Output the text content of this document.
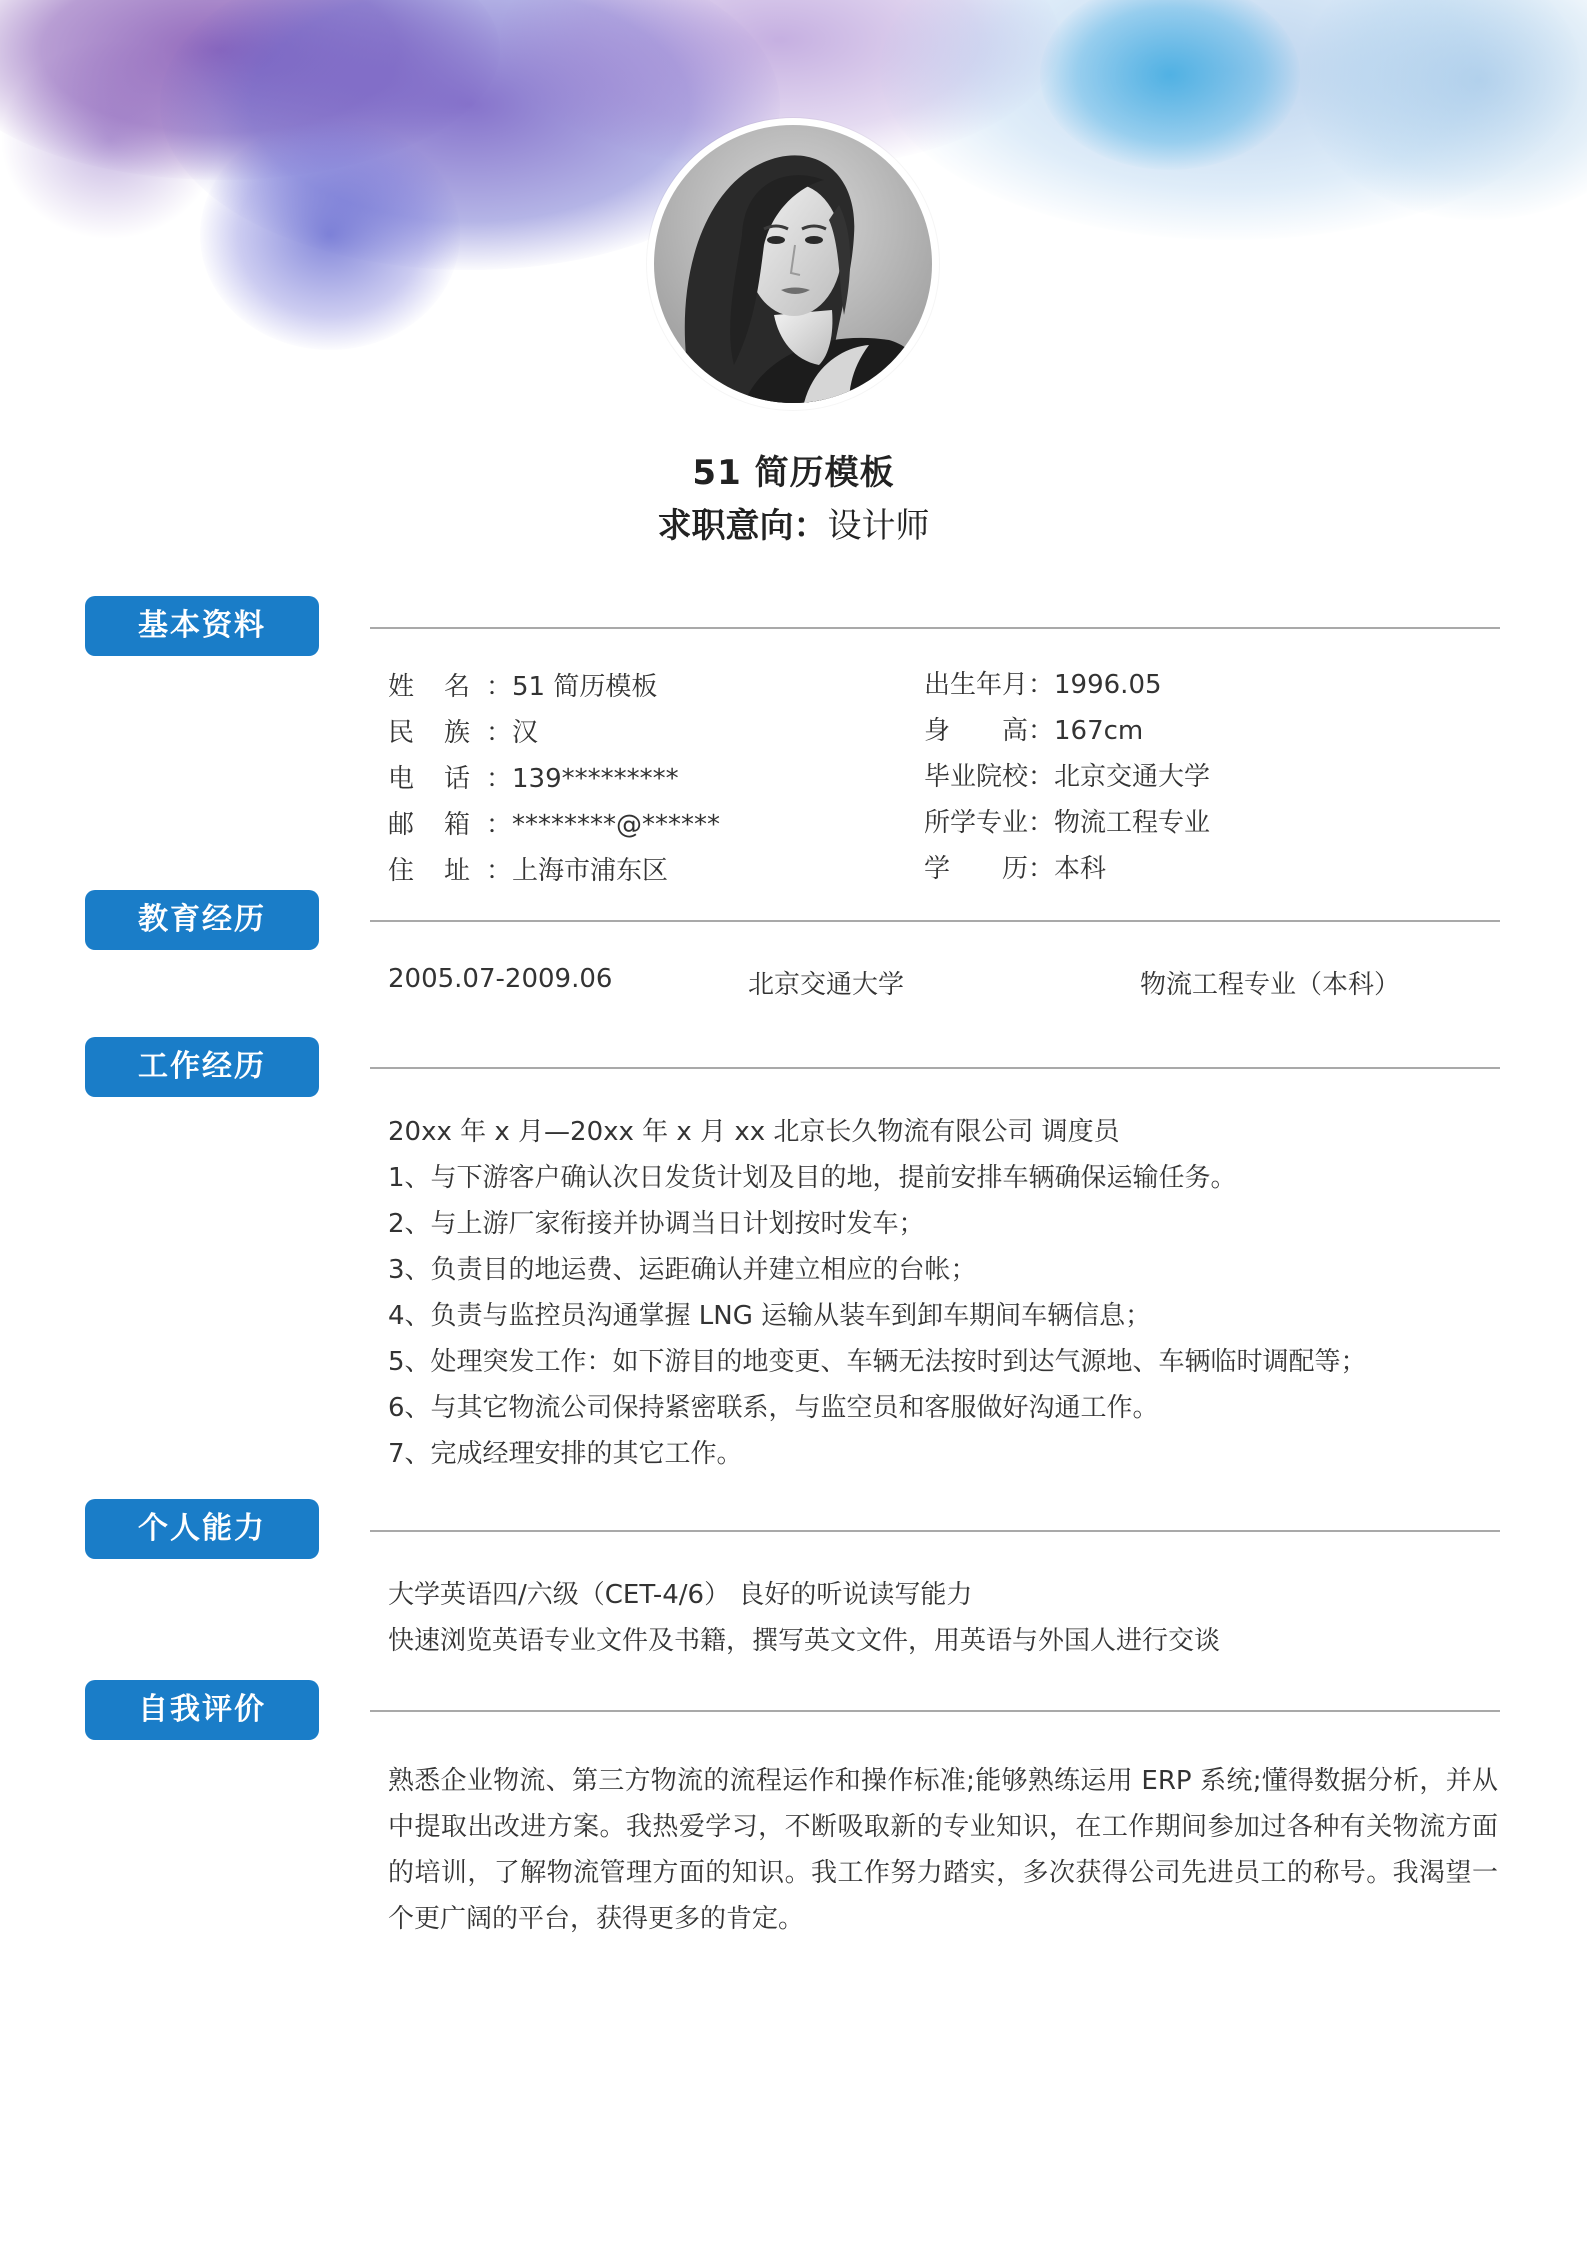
51 简历模板
求职意向：设计师
基本资料
姓 名 ：51 简历模板
民 族 ：汉
电 话 ：139*********
邮 箱 ：********@******
住 址 ：上海市浦东区
出生年月：1996.05
身　　高：167cm
毕业院校：北京交通大学
所学专业：物流工程专业
学　　历：本科
教育经历
2005.07-2009.06	北京交通大学	物流工程专业（本科）
工作经历
20xx 年 x 月—20xx 年 x 月 xx 北京长久物流有限公司 调度员
1、与下游客户确认次日发货计划及目的地，提前安排车辆确保运输任务。
2、与上游厂家衔接并协调当日计划按时发车；
3、负责目的地运费、运距确认并建立相应的台帐；
4、负责与监控员沟通掌握 LNG 运输从装车到卸车期间车辆信息；
5、处理突发工作：如下游目的地变更、车辆无法按时到达气源地、车辆临时调配等；
6、与其它物流公司保持紧密联系，与监空员和客服做好沟通工作。
7、完成经理安排的其它工作。
个人能力
大学英语四/六级（CET-4/6） 良好的听说读写能力
快速浏览英语专业文件及书籍，撰写英文文件，用英语与外国人进行交谈
自我评价
熟悉企业物流、第三方物流的流程运作和操作标准;能够熟练运用 ERP 系统;懂得数据分析，并从中提取出改进方案。我热爱学习，不断吸取新的专业知识，在工作期间参加过各种有关物流方面的培训，了解物流管理方面的知识。我工作努力踏实，多次获得公司先进员工的称号。我渴望一个更广阔的平台，获得更多的肯定。
